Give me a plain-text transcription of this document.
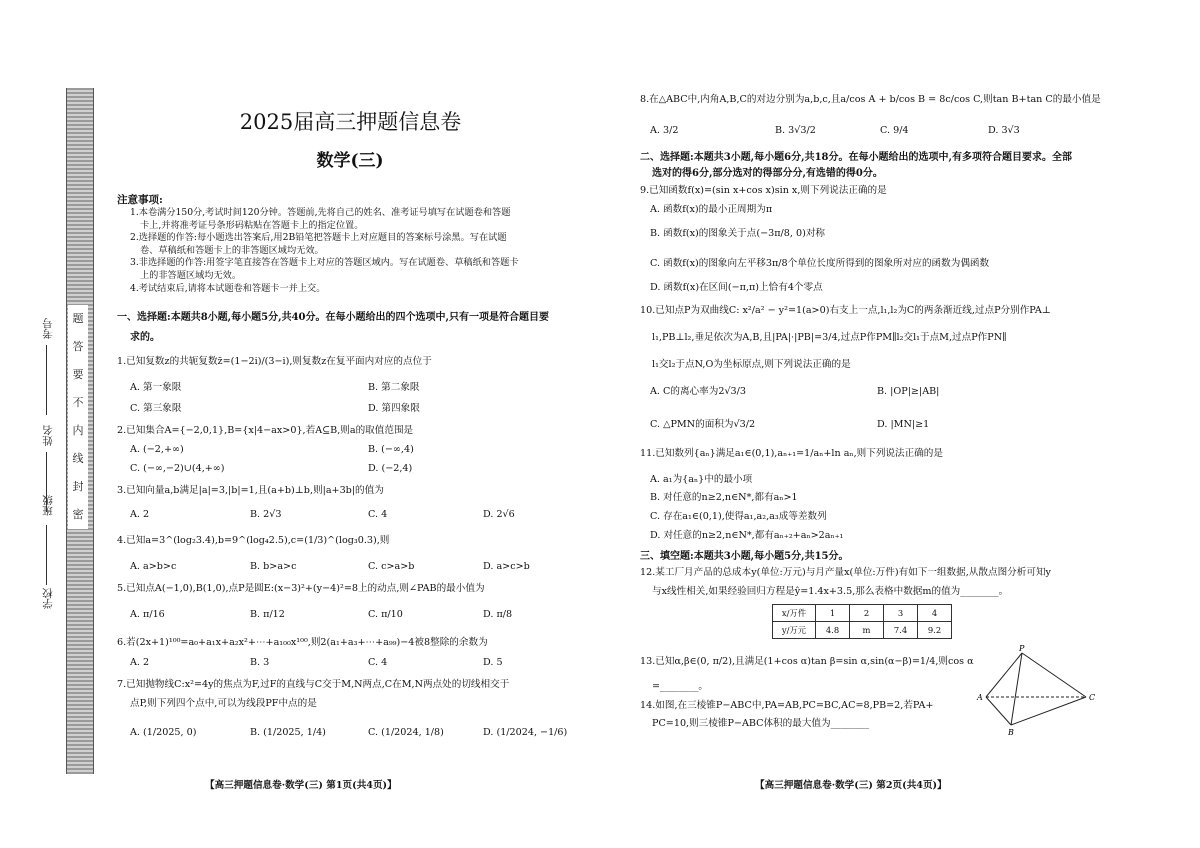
题
答
要
不
内
线
封
密
考号
姓名
班级
学校
2025届高三押题信息卷
数学(三)
注意事项:
1.本卷满分150分,考试时间120分钟。答题前,先将自己的姓名、准考证号填写在试题卷和答题
卡上,并将准考证号条形码粘贴在答题卡上的指定位置。
2.选择题的作答:每小题选出答案后,用2B铅笔把答题卡上对应题目的答案标号涂黑。写在试题
卷、草稿纸和答题卡上的非答题区域均无效。
3.非选择题的作答:用签字笔直接答在答题卡上对应的答题区域内。写在试题卷、草稿纸和答题卡
上的非答题区域均无效。
4.考试结束后,请将本试题卷和答题卡一并上交。
一、选择题:本题共8小题,每小题5分,共40分。在每小题给出的四个选项中,只有一项是符合题目要
求的。
1.已知复数z的共轭复数z̄=(1−2i)/(3−i),则复数z在复平面内对应的点位于
A. 第一象限	B. 第二象限
C. 第三象限	D. 第四象限
2.已知集合A={−2,0,1},B={x|4−ax>0},若A⊆B,则a的取值范围是
A. (−2,+∞)	B. (−∞,4)
C. (−∞,−2)∪(4,+∞)	D. (−2,4)
3.已知向量a,b满足|a|=3,|b|=1,且(a+b)⊥b,则|a+3b|的值为
A. 2	B. 2√3	C. 4	D. 2√6
4.已知a=3^(log₂3.4),b=9^(log₄2.5),c=(1/3)^(log₃0.3),则
A. a>b>c	B. b>a>c	C. c>a>b	D. a>c>b
5.已知点A(−1,0),B(1,0),点P是圆E:(x−3)²+(y−4)²=8上的动点,则∠PAB的最小值为
A. π/16	B. π/12	C. π/10	D. π/8
6.若(2x+1)¹⁰⁰=a₀+a₁x+a₂x²+⋯+a₁₀₀x¹⁰⁰,则2(a₁+a₃+⋯+a₉₉)−4被8整除的余数为
A. 2	B. 3	C. 4	D. 5
7.已知抛物线C:x²=4y的焦点为F,过F的直线与C交于M,N两点,C在M,N两点处的切线相交于
点P,则下列四个点中,可以为线段PF中点的是
A. (1/2025, 0)	B. (1/2025, 1/4)	C. (1/2024, 1/8)	D. (1/2024, −1/6)
【高三押题信息卷·数学(三) 第1页(共4页)】
8.在△ABC中,内角A,B,C的对边分别为a,b,c,且a/cos A + b/cos B = 8c/cos C,则tan B+tan C的最小值是
A. 3/2	B. 3√3/2	C. 9/4	D. 3√3
二、选择题:本题共3小题,每小题6分,共18分。在每小题给出的选项中,有多项符合题目要求。全部
选对的得6分,部分选对的得部分分,有选错的得0分。
9.已知函数f(x)=(sin x+cos x)sin x,则下列说法正确的是
A. 函数f(x)的最小正周期为π
B. 函数f(x)的图象关于点(−3π/8, 0)对称
C. 函数f(x)的图象向左平移3π/8个单位长度所得到的图象所对应的函数为偶函数
D. 函数f(x)在区间(−π,π)上恰有4个零点
10.已知点P为双曲线C: x²/a² − y²=1(a>0)右支上一点,l₁,l₂为C的两条渐近线,过点P分别作PA⊥
l₁,PB⊥l₂,垂足依次为A,B,且|PA|·|PB|=3/4,过点P作PM∥l₂交l₁于点M,过点P作PN∥
l₁交l₂于点N,O为坐标原点,则下列说法正确的是
A. C的离心率为2√3/3	B. |OP|≥|AB|
C. △PMN的面积为√3/2	D. |MN|≥1
11.已知数列{aₙ}满足a₁∈(0,1),aₙ₊₁=1/aₙ+ln aₙ,则下列说法正确的是
A. a₁为{aₙ}中的最小项
B. 对任意的n≥2,n∈N*,都有aₙ>1
C. 存在a₁∈(0,1),使得a₁,a₂,a₃成等差数列
D. 对任意的n≥2,n∈N*,都有aₙ₊₂+aₙ>2aₙ₊₁
三、填空题:本题共3小题,每小题5分,共15分。
12.某工厂月产品的总成本y(单位:万元)与月产量x(单位:万件)有如下一组数据,从散点图分析可知y
与x线性相关,如果经验回归方程是ŷ=1.4x+3.5,那么表格中数据m的值为________。
x/万件	1	2	3	4
y/万元	4.8	m	7.4	9.2
13.已知α,β∈(0, π/2),且满足(1+cos α)tan β=sin α,sin(α−β)=1/4,则cos α
=________。
14.如图,在三棱锥P−ABC中,PA=AB,PC=BC,AC=8,PB=2,若PA+
PC=10,则三棱锥P−ABC体积的最大值为________
P
A
B
C
【高三押题信息卷·数学(三) 第2页(共4页)】
